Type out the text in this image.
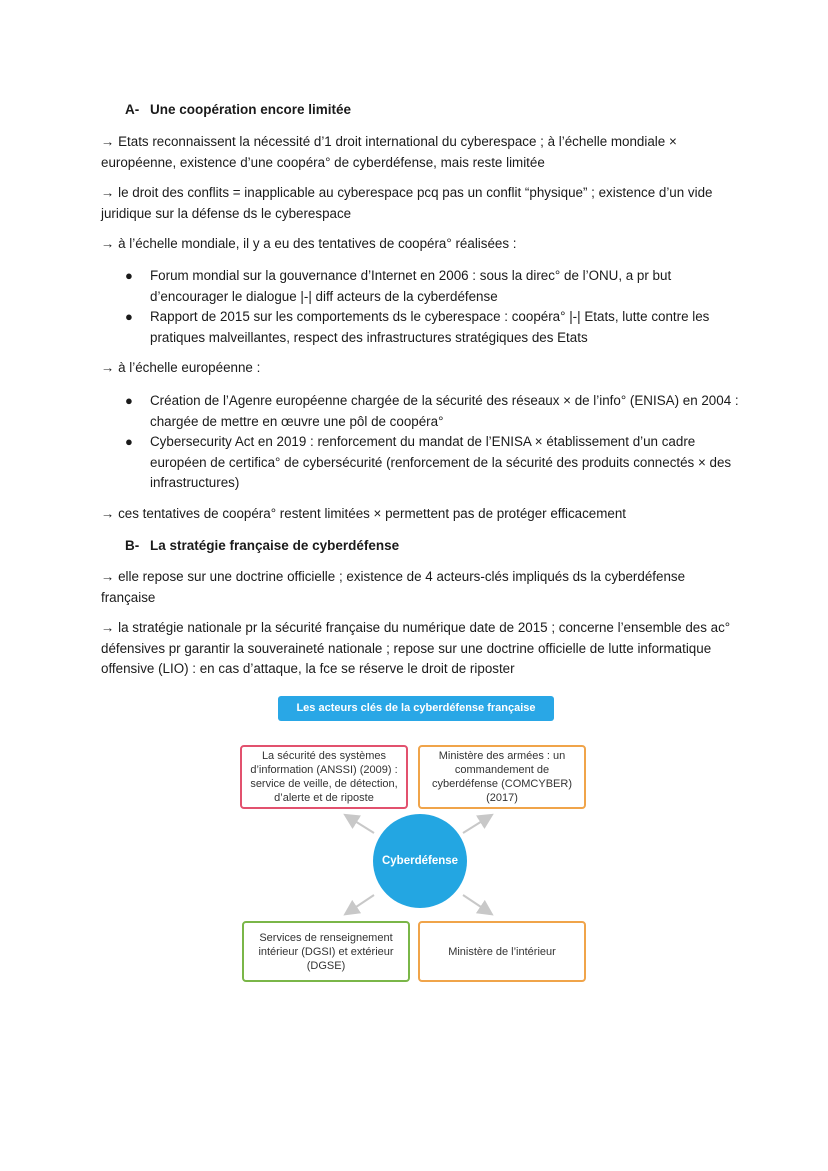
A- Une coopération encore limitée
→ Etats reconnaissent la nécessité d’1 droit international du cyberespace ; à l’échelle mondiale × européenne, existence d’une coopéra° de cyberdéfense, mais reste limitée
→ le droit des conflits = inapplicable au cyberespace pcq pas un conflit “physique” ; existence d’un vide juridique sur la défense ds le cyberespace
→ à l’échelle mondiale, il y a eu des tentatives de coopéra° réalisées :
● Forum mondial sur la gouvernance d’Internet en 2006 : sous la direc° de l’ONU, a pr but d’encourager le dialogue |-| diff acteurs de la cyberdéfense
● Rapport de 2015 sur les comportements ds le cyberespace : coopéra° |-| Etats, lutte contre les pratiques malveillantes, respect des infrastructures stratégiques des Etats
→ à l’échelle européenne :
● Création de l’Agenre européenne chargée de la sécurité des réseaux × de l’info° (ENISA) en 2004 : chargée de mettre en œuvre une pôl de coopéra°
● Cybersecurity Act en 2019 : renforcement du mandat de l’ENISA × établissement d’un cadre européen de certifica° de cybersécurité (renforcement de la sécurité des produits connectés × des infrastructures)
→ ces tentatives de coopéra° restent limitées × permettent pas de protéger efficacement
B- La stratégie française de cyberdéfense
→ elle repose sur une doctrine officielle ; existence de 4 acteurs-clés impliqués ds la cyberdéfense française
→ la stratégie nationale pr la sécurité française du numérique date de 2015 ; concerne l’ensemble des ac° défensives pr garantir la souveraineté nationale ; repose sur une doctrine officielle de lutte informatique offensive (LIO) : en cas d’attaque, la fce se réserve le droit de riposter
Les acteurs clés de la cyberdéfense française
La sécurité des systèmes d’information (ANSSI) (2009) : service de veille, de détection, d’alerte et de riposte
Ministère des armées : un commandement de cyberdéfense (COMCYBER) (2017)
Services de renseignement intérieur (DGSI) et extérieur (DGSE)
Ministère de l’intérieur
Cyberdéfense
